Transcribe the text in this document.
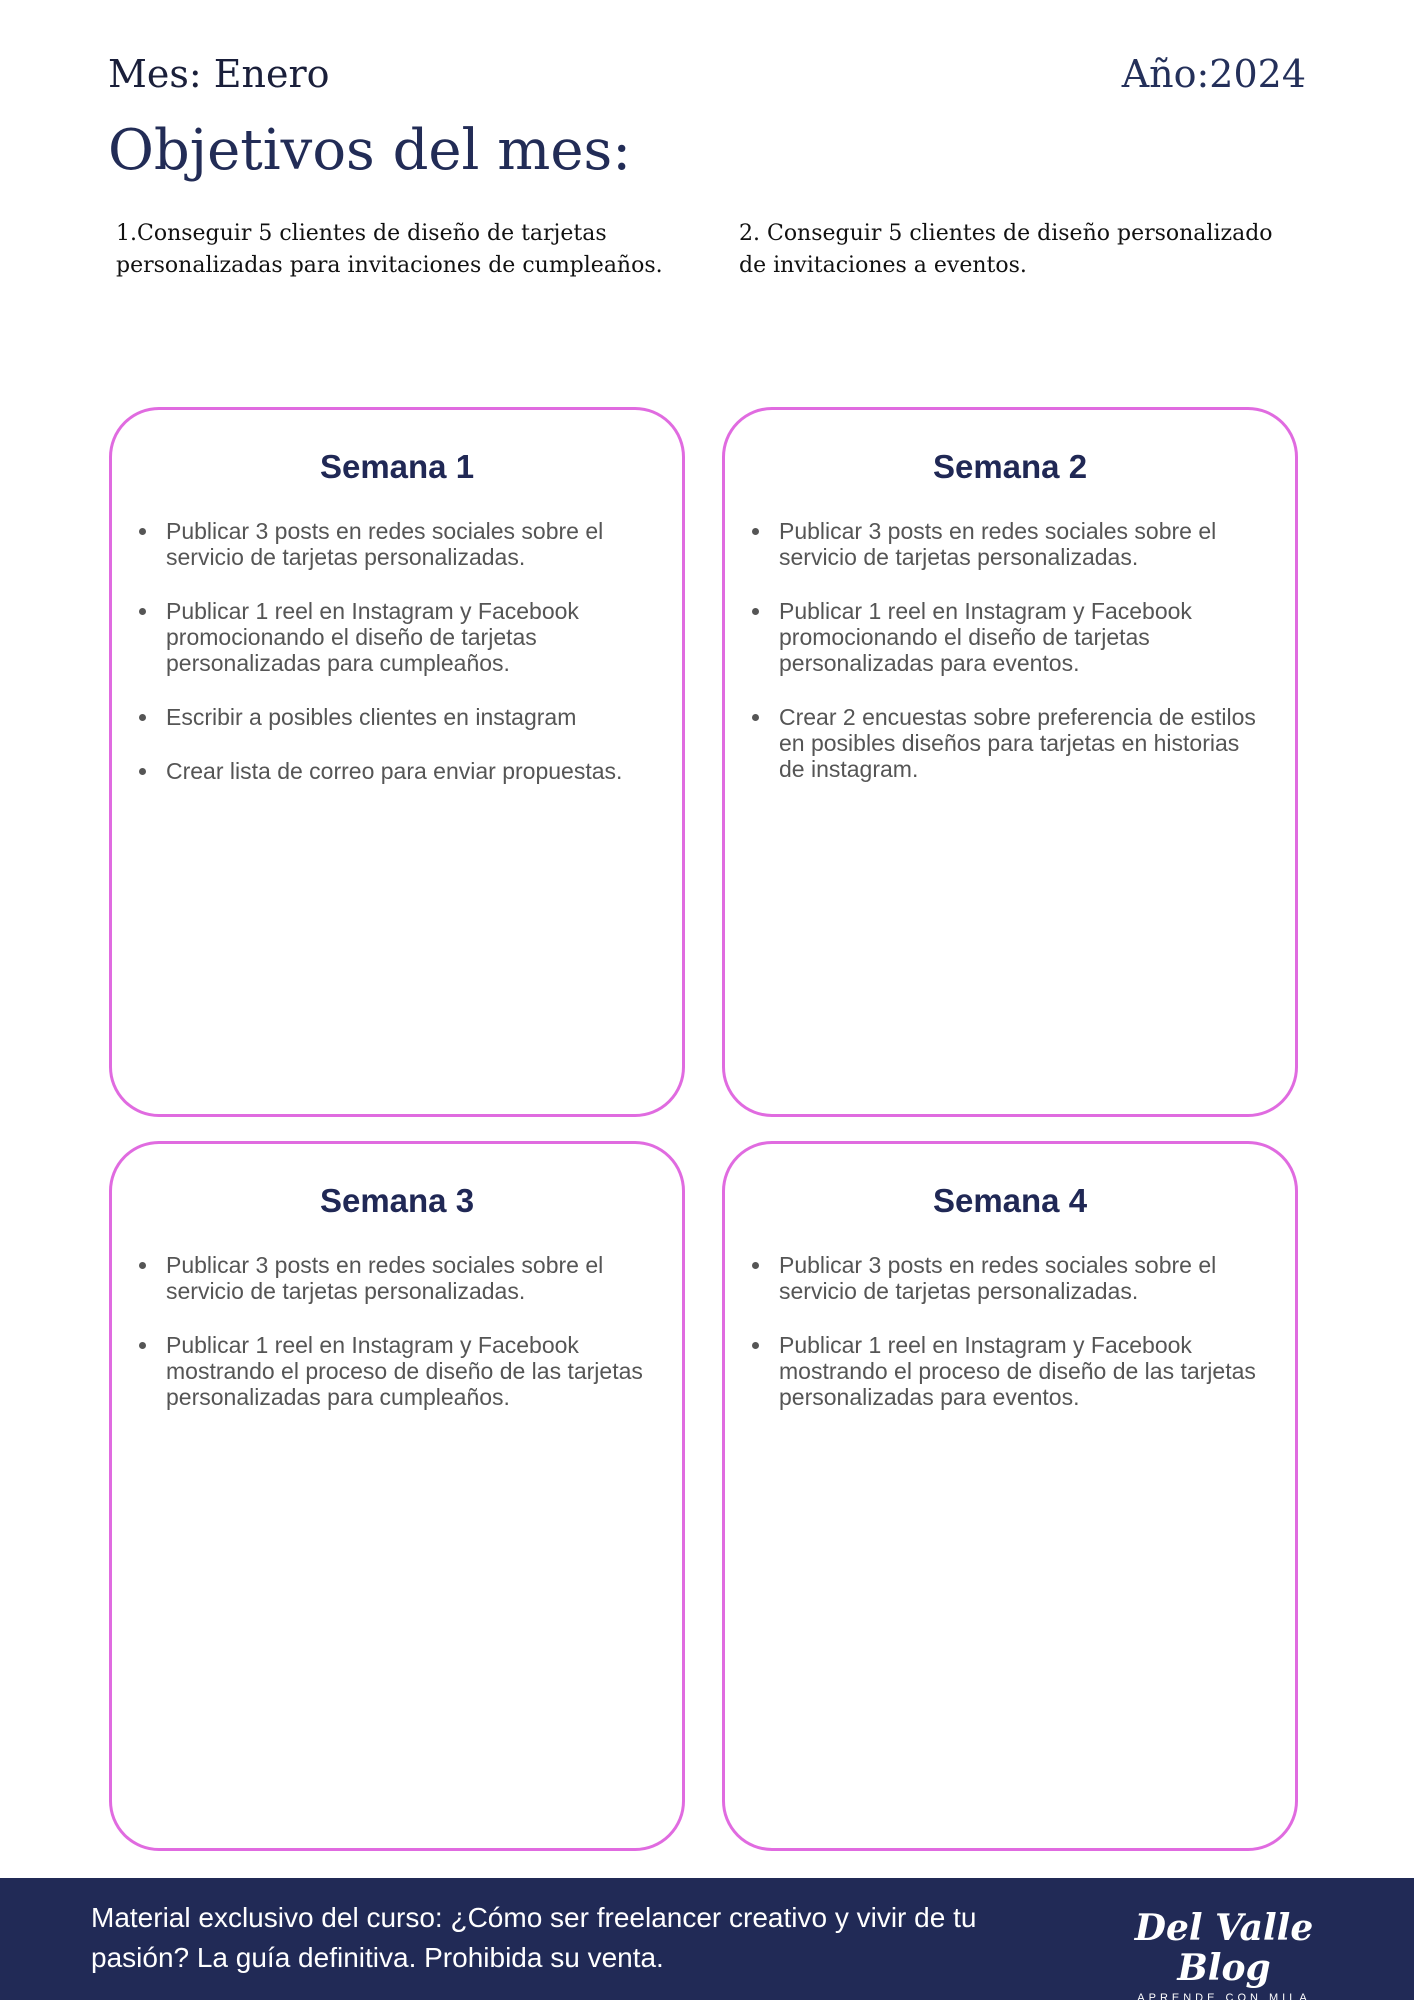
Mes: Enero	Año:2024
Objetivos del mes:
1.Conseguir 5 clientes de diseño de tarjetas personalizadas para invitaciones de cumpleaños.
2. Conseguir 5 clientes de diseño personalizado de invitaciones a eventos.
Semana 1
• Publicar 3 posts en redes sociales sobre el servicio de tarjetas personalizadas.
• Publicar 1 reel en Instagram y Facebook promocionando el diseño de tarjetas personalizadas para cumpleaños.
• Escribir a posibles clientes en instagram
• Crear lista de correo para enviar propuestas.
Semana 2
• Publicar 3 posts en redes sociales sobre el servicio de tarjetas personalizadas.
• Publicar 1 reel en Instagram y Facebook promocionando el diseño de tarjetas personalizadas para eventos.
• Crear 2 encuestas sobre preferencia de estilos en posibles diseños para tarjetas en historias de instagram.
Semana 3
• Publicar 3 posts en redes sociales sobre el servicio de tarjetas personalizadas.
• Publicar 1 reel en Instagram y Facebook mostrando el proceso de diseño de las tarjetas personalizadas para cumpleaños.
Semana 4
• Publicar 3 posts en redes sociales sobre el servicio de tarjetas personalizadas.
• Publicar 1 reel en Instagram y Facebook mostrando el proceso de diseño de las tarjetas personalizadas para eventos.
Material exclusivo del curso: ¿Cómo ser freelancer creativo y vivir de tu pasión? La guía definitiva. Prohibida su venta.
Del Valle Blog
APRENDE CON MILA
